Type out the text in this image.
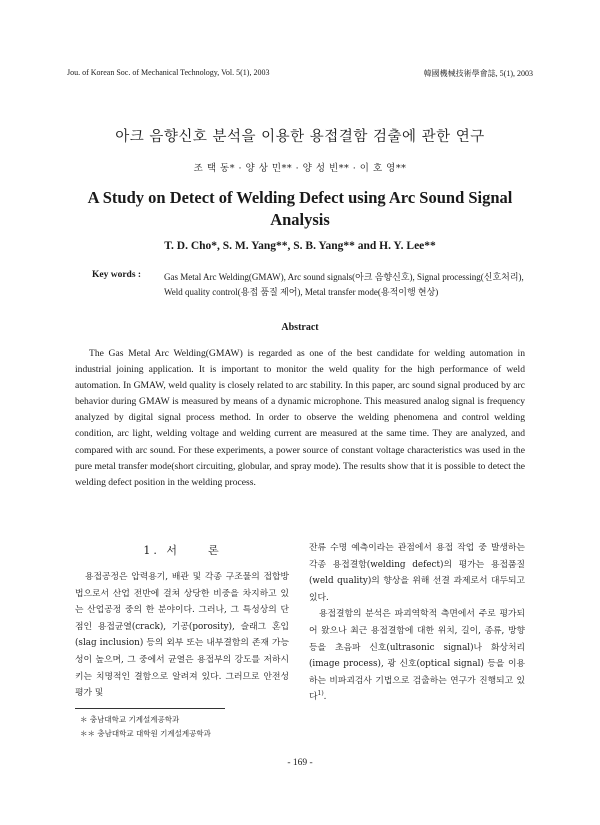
Jou. of Korean Soc. of Mechanical Technology, Vol. 5(1), 2003	韓國機械技術學會誌, 5(1), 2003
아크 음향신호 분석을 이용한 용접결함 검출에 관한 연구
조 택 동* · 양 상 민** · 양 성 빈** · 이 호 영**
A Study on Detect of Welding Defect using Arc Sound Signal Analysis
T. D. Cho*, S. M. Yang**, S. B. Yang** and H. Y. Lee**
Key words :	Gas Metal Arc Welding(GMAW), Arc sound signals(아크 음향신호), Signal processing(신호처리), Weld quality control(용접 품질 제어), Metal transfer mode(용적이행 현상)
Abstract

The Gas Metal Arc Welding(GMAW) is regarded as one of the best candidate for welding automation in industrial joining application. It is important to monitor the weld quality for the high performance of weld automation. In GMAW, weld quality is closely related to arc stability. In this paper, arc sound signal produced by arc behavior during GMAW is measured by means of a dynamic microphone. This measured analog signal is frequency analyzed by digital signal process method. In order to observe the welding phenomena and control welding condition, arc light, welding voltage and welding current are measured at the same time. They are analyzed, and compared with arc sound. For these experiments, a power source of constant voltage characteristics was used in the pure metal transfer mode(short circuiting, globular, and spray mode). The results show that it is possible to detect the welding defect position in the welding process.

1. 서　　론

용접공정은 압력용기, 배관 및 각종 구조물의 접합방법으로서 산업 전반에 걸쳐 상당한 비중을 차지하고 있는 산업공정 중의 한 분야이다. 그러나, 그 특성상의 단점인 용접균열(crack), 기공(porosity), 슬래그 혼입(slag inclusion) 등의 외부 또는 내부결함의 존재 가능성이 높으며, 그 중에서 균열은 용접부의 강도를 저하시키는 치명적인 결함으로 알려져 있다. 그러므로 안전성 평가 및

잔류 수명 예측이라는 관점에서 용접 작업 중 발생하는 각종 용접결함(welding defect)의 평가는 용접품질(weld quality)의 향상을 위해 선결 과제로서 대두되고 있다.

용접결함의 분석은 파괴역학적 측면에서 주로 평가되어 왔으나 최근 용접결함에 대한 위치, 길이, 종류, 방향 등을 초음파 신호(ultrasonic signal)나 화상처리(image process), 광 신호(optical signal) 등을 이용하는 비파괴검사 기법으로 검출하는 연구가 진행되고 있다$^{1)}$.

＊ 충남대학교 기계설계공학과
＊＊ 충남대학교 대학원 기계설계공학과
- 169 -
